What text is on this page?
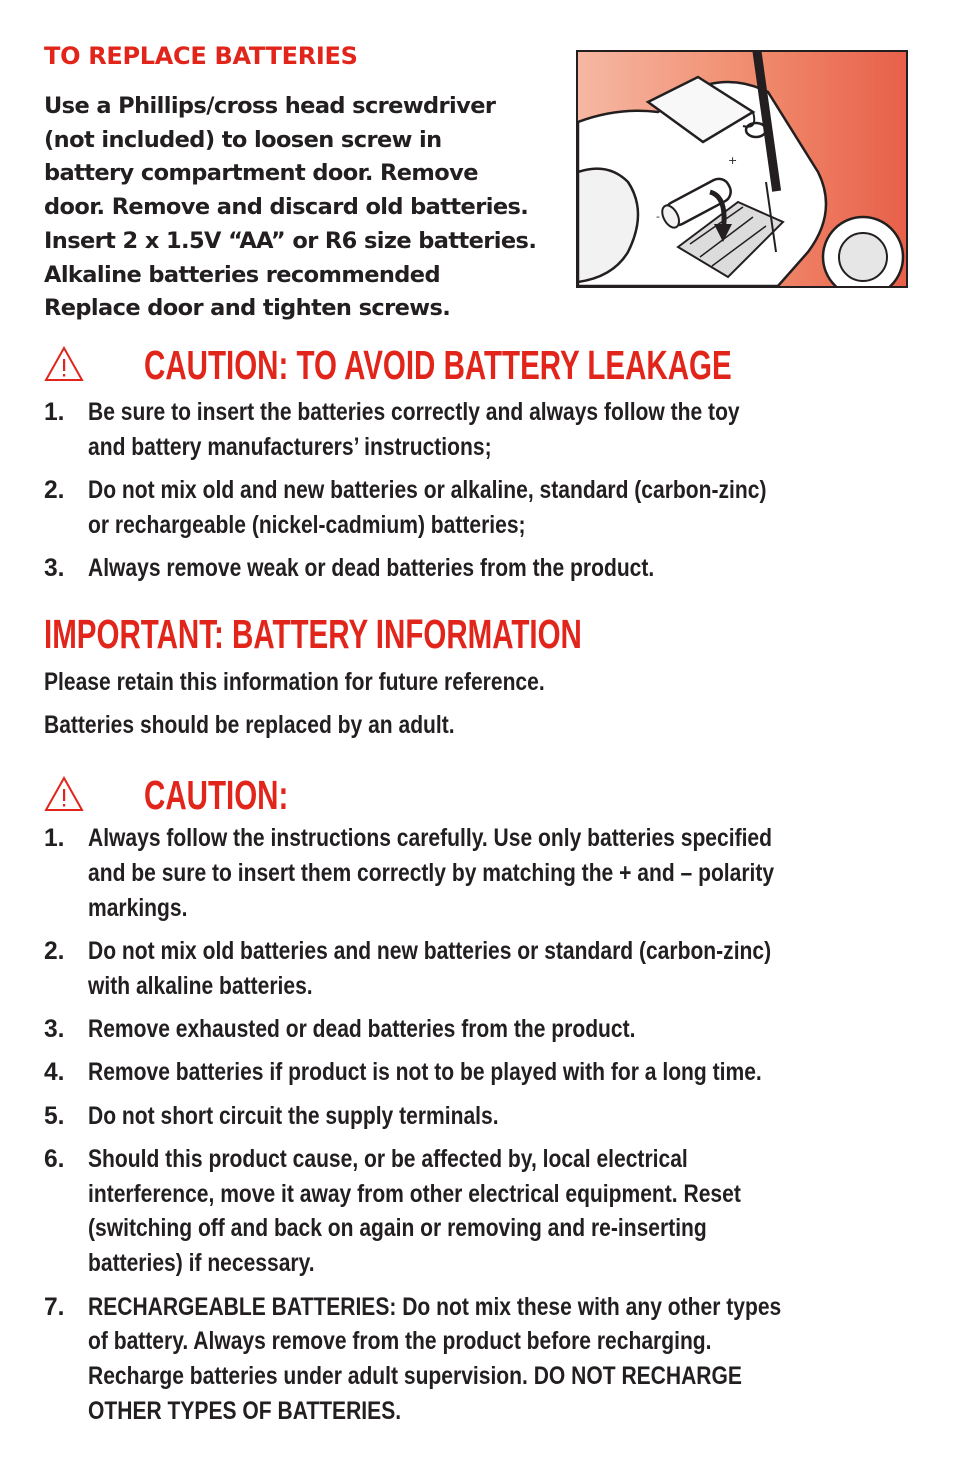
TO REPLACE BATTERIES

Use a Phillips/cross head screwdriver
(not included) to loosen screw in
battery compartment door. Remove
door. Remove and discard old batteries.
Insert 2 x 1.5V “AA” or R6 size batteries.
Alkaline batteries recommended
Replace door and tighten screws.

+
-
CAUTION: TO AVOID BATTERY LEAKAGE
1. Be sure to insert the batteries correctly and always follow the toy
and battery manufacturers’ instructions;
2. Do not mix old and new batteries or alkaline, standard (carbon-zinc)
or rechargeable (nickel-cadmium) batteries;
3. Always remove weak or dead batteries from the product.
IMPORTANT: BATTERY INFORMATION

Please retain this information for future reference.

Batteries should be replaced by an adult.

CAUTION:
1. Always follow the instructions carefully. Use only batteries specified
and be sure to insert them correctly by matching the + and – polarity
markings.
2. Do not mix old batteries and new batteries or standard (carbon-zinc)
with alkaline batteries.
3. Remove exhausted or dead batteries from the product.
4. Remove batteries if product is not to be played with for a long time.
5. Do not short circuit the supply terminals.
6. Should this product cause, or be affected by, local electrical
interference, move it away from other electrical equipment. Reset
(switching off and back on again or removing and re-inserting
batteries) if necessary.
7. RECHARGEABLE BATTERIES: Do not mix these with any other types
of battery. Always remove from the product before recharging.
Recharge batteries under adult supervision. DO NOT RECHARGE
OTHER TYPES OF BATTERIES.
